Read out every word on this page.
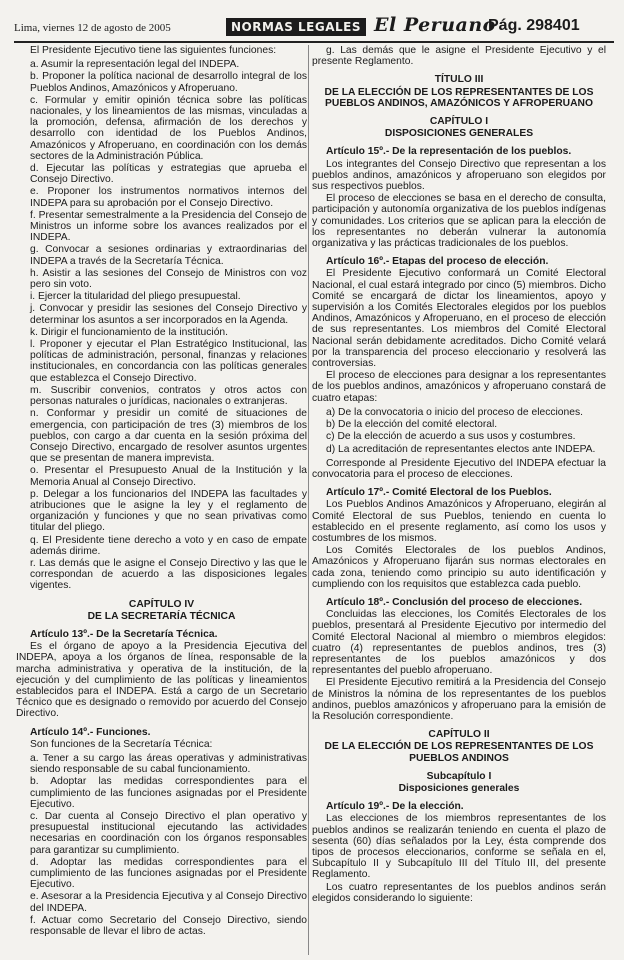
Lima, viernes 12 de agosto de 2005	NORMAS LEGALES El Peruano
Pág. 298401

El Presidente Ejecutivo tiene las siguientes funciones:

a. Asumir la representación legal del INDEPA.

b. Proponer la política nacional de desarrollo integral de los Pueblos Andinos, Amazónicos y Afroperuano.

c. Formular y emitir opinión técnica sobre las políticas nacionales, y los lineamientos de las mismas, vinculadas a la promoción, defensa, afirmación de los derechos y desarrollo con identidad de los Pueblos Andinos, Amazónicos y Afroperuano, en coordinación con los demás sectores de la Administración Pública.

d. Ejecutar las políticas y estrategias que aprueba el Consejo Directivo.

e. Proponer los instrumentos normativos internos del INDEPA para su aprobación por el Consejo Directivo.

f. Presentar semestralmente a la Presidencia del Consejo de Ministros un informe sobre los avances realizados por el INDEPA.

g. Convocar a sesiones ordinarias y extraordinarias del INDEPA a través de la Secretaría Técnica.

h. Asistir a las sesiones del Consejo de Ministros con voz pero sin voto.

i. Ejercer la titularidad del pliego presupuestal.

j. Convocar y presidir las sesiones del Consejo Directivo y determinar los asuntos a ser incorporados en la Agenda.

k. Dirigir el funcionamiento de la institución.

l. Proponer y ejecutar el Plan Estratégico Institucional, las políticas de administración, personal, finanzas y relaciones institucionales, en concordancia con las políticas generales que establezca el Consejo Directivo.

m. Suscribir convenios, contratos y otros actos con personas naturales o jurídicas, nacionales o extranjeras.

n. Conformar y presidir un comité de situaciones de emergencia, con participación de tres (3) miembros de los pueblos, con cargo a dar cuenta en la sesión próxima del Consejo Directivo, encargado de resolver asuntos urgentes que se presentan de manera imprevista.

o. Presentar el Presupuesto Anual de la Institución y la Memoria Anual al Consejo Directivo.

p. Delegar a los funcionarios del INDEPA las facultades y atribuciones que le asigne la ley y el reglamento de organización y funciones y que no sean privativas como titular del pliego.

q. El Presidente tiene derecho a voto y en caso de empate además dirime.

r. Las demás que le asigne el Consejo Directivo y las que le correspondan de acuerdo a las disposiciones legales vigentes.

CAPÍTULO IV

DE LA SECRETARÍA TÉCNICA

Artículo 13º.- De la Secretaría Técnica.

Es el órgano de apoyo a la Presidencia Ejecutiva del INDEPA, apoya a los órganos de línea, responsable de la marcha administrativa y operativa de la institución, de la ejecución y del cumplimiento de las políticas y lineamientos establecidos para el INDEPA. Está a cargo de un Secretario Técnico que es designado o removido por acuerdo del Consejo Directivo.

Artículo 14º.- Funciones.

Son funciones de la Secretaría Técnica:

a. Tener a su cargo las áreas operativas y administrativas siendo responsable de su cabal funcionamiento.

b. Adoptar las medidas correspondientes para el cumplimiento de las funciones asignadas por el Presidente Ejecutivo.

c. Dar cuenta al Consejo Directivo el plan operativo y presupuestal institucional ejecutando las actividades necesarias en coordinación con los órganos responsables para garantizar su cumplimiento.

d. Adoptar las medidas correspondientes para el cumplimiento de las funciones asignadas por el Presidente Ejecutivo.

e. Asesorar a la Presidencia Ejecutiva y al Consejo Directivo del INDEPA.

f. Actuar como Secretario del Consejo Directivo, siendo responsable de llevar el libro de actas.

g. Las demás que le asigne el Presidente Ejecutivo y el presente Reglamento.

TÍTULO III

DE LA ELECCIÓN DE LOS REPRESENTANTES DE LOS PUEBLOS ANDINOS, AMAZÓNICOS Y AFROPERUANO

CAPÍTULO I

DISPOSICIONES GENERALES

Artículo 15º.- De la representación de los pueblos.

Los integrantes del Consejo Directivo que representan a los pueblos andinos, amazónicos y afroperuano son elegidos por sus respectivos pueblos.

El proceso de elecciones se basa en el derecho de consulta, participación y autonomía organizativa de los pueblos indígenas y comunidades. Los criterios que se aplican para la elección de los representantes no deberán vulnerar la autonomía organizativa y las prácticas tradicionales de los pueblos.

Artículo 16º.- Etapas del proceso de elección.

El Presidente Ejecutivo conformará un Comité Electoral Nacional, el cual estará integrado por cinco (5) miembros. Dicho Comité se encargará de dictar los lineamientos, apoyo y supervisión a los Comités Electorales elegidos por los pueblos Andinos, Amazónicos y Afroperuano, en el proceso de elección de sus representantes. Los miembros del Comité Electoral Nacional serán debidamente acreditados. Dicho Comité velará por la transparencia del proceso eleccionario y resolverá las controversias.

El proceso de elecciones para designar a los representantes de los pueblos andinos, amazónicos y afroperuano constará de cuatro etapas:

a) De la convocatoria o inicio del proceso de elecciones.

b) De la elección del comité electoral.

c) De la elección de acuerdo a sus usos y costumbres.

d) La acreditación de representantes electos ante INDEPA.

Corresponde al Presidente Ejecutivo del INDEPA efectuar la convocatoria para el proceso de elecciones.

Artículo 17º.- Comité Electoral de los Pueblos.

Los Pueblos Andinos Amazónicos y Afroperuano, elegirán al Comité Electoral de sus Pueblos, teniendo en cuenta lo establecido en el presente reglamento, así como los usos y costumbres de los mismos.

Los Comités Electorales de los pueblos Andinos, Amazónicos y Afroperuano fijarán sus normas electorales en cada zona, teniendo como principio su auto identificación y cumpliendo con los requisitos que establezca cada pueblo.

Artículo 18º.- Conclusión del proceso de elecciones.

Concluidas las elecciones, los Comités Electorales de los pueblos, presentará al Presidente Ejecutivo por intermedio del Comité Electoral Nacional al miembro o miembros elegidos: cuatro (4) representantes de pueblos andinos, tres (3) representantes de los pueblos amazónicos y dos representantes del pueblo afroperuano.

El Presidente Ejecutivo remitirá a la Presidencia del Consejo de Ministros la nómina de los representantes de los pueblos andinos, pueblos amazónicos y afroperuano para la emisión de la Resolución correspondiente.

CAPÍTULO II

DE LA ELECCIÓN DE LOS REPRESENTANTES DE LOS PUEBLOS ANDINOS

Subcapítulo I

Disposiciones generales

Artículo 19º.- De la elección.

Las elecciones de los miembros representantes de los pueblos andinos se realizarán teniendo en cuenta el plazo de sesenta (60) días señalados por la Ley, ésta comprende dos tipos de procesos eleccionarios, conforme se señala en el, Subcapítulo II y Subcapítulo III del Título III, del presente Reglamento.

Los cuatro representantes de los pueblos andinos serán elegidos considerando lo siguiente:
